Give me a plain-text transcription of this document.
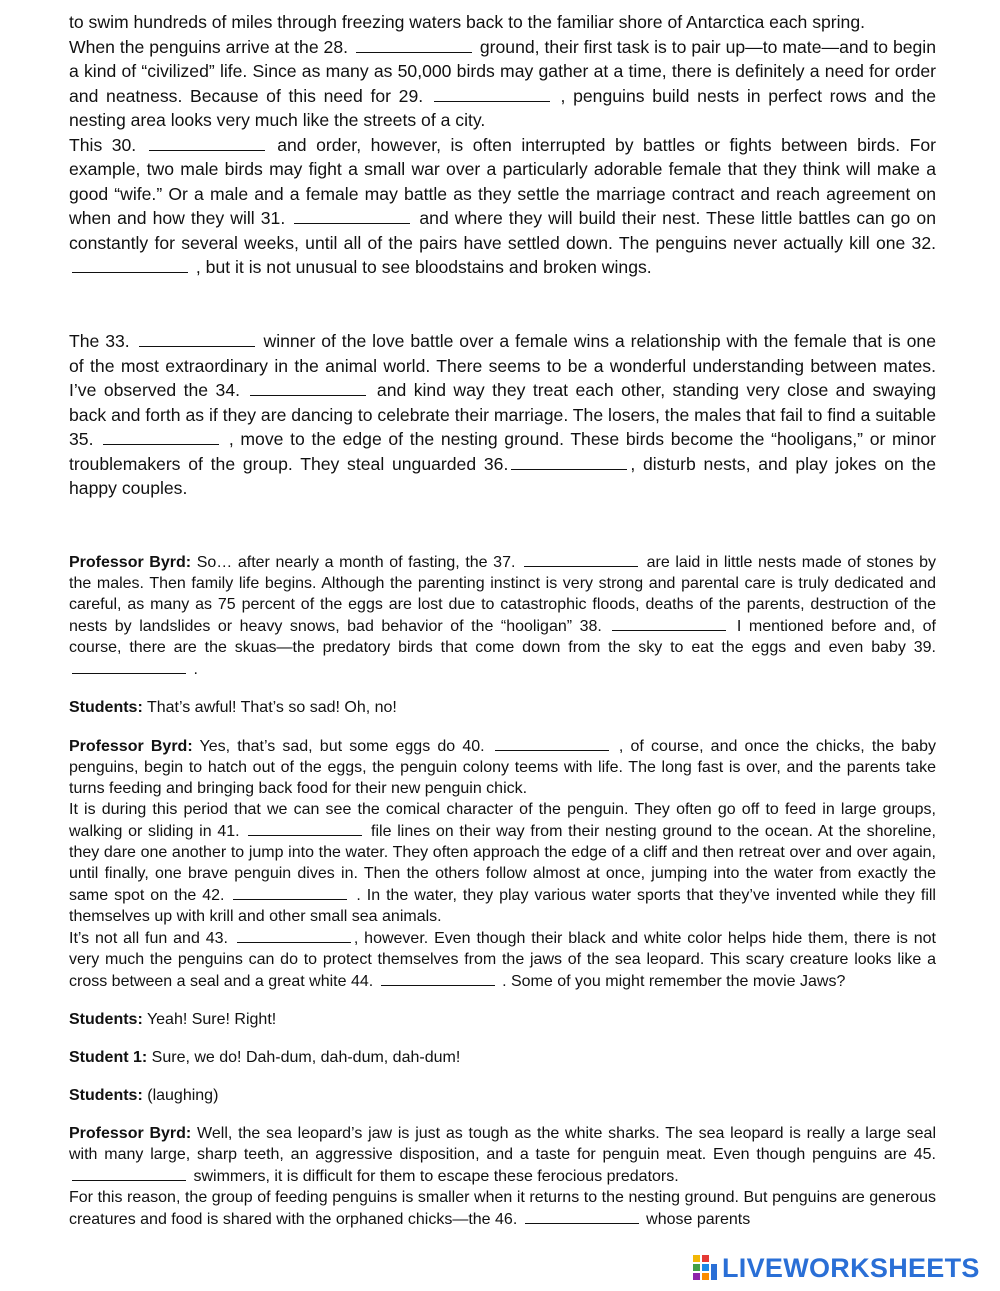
to swim hundreds of miles through freezing waters back to the familiar shore of Antarctica each spring.

When the penguins arrive at the 28.	ground, their first task is to pair up—to mate—and to begin a kind of “civilized” life. Since as many as 50,000 birds may gather at a time, there is definitely a need for order and neatness. Because of this need for 29.	, penguins build nests in perfect rows and the nesting area looks very much like the streets of a city.

This 30.	and order, however, is often interrupted by battles or fights between birds. For example, two male birds may fight a small war over a particularly adorable female that they think will make a good “wife.” Or a male and a female may battle as they settle the marriage contract and reach agreement on when and how they will 31.	and where they will build their nest. These little battles can go on constantly for several weeks, until all of the pairs have settled down. The penguins never actually kill one 32.  , but it is not unusual to see bloodstains and broken wings.

The 33.	winner of the love battle over a female wins a relationship with the female that is one of the most extraordinary in the animal world. There seems to be a wonderful understanding between mates. I’ve observed the 34.	and kind way they treat each other, standing very close and swaying back and forth as if they are dancing to celebrate their marriage. The losers, the males that fail to find a suitable 35.	, move to the edge of the nesting ground. These birds become the “hooligans,” or minor troublemakers of the group. They steal unguarded 36.	, disturb nests, and play jokes on the happy couples.

Professor Byrd: So… after nearly a month of fasting, the 37.	are laid in little nests made of stones by the males. Then family life begins. Although the parenting instinct is very strong and parental care is truly dedicated and careful, as many as 75 percent of the eggs are lost due to catastrophic floods, deaths of the parents, destruction of the nests by landslides or heavy snows, bad behavior of the “hooligan” 38.	I mentioned before and, of course, there are the skuas—the predatory birds that come down from the sky to eat the eggs and even baby 39.  .

Students: That’s awful! That’s so sad! Oh, no!

Professor Byrd: Yes, that’s sad, but some eggs do 40.	, of course, and once the chicks, the baby penguins, begin to hatch out of the eggs, the penguin colony teems with life. The long fast is over, and the parents take turns feeding and bringing back food for their new penguin chick.

It is during this period that we can see the comical character of the penguin. They often go off to feed in large groups, walking or sliding in 41.	file lines on their way from their nesting ground to the ocean. At the shoreline, they dare one another to jump into the water. They often approach the edge of a cliff and then retreat over and over again, until finally, one brave penguin dives in. Then the others follow almost at once, jumping into the water from exactly the same spot on the 42.	. In the water, they play various water sports that they’ve invented while they fill themselves up with krill and other small sea animals.

It’s not all fun and 43.	, however. Even though their black and white color helps hide them, there is not very much the penguins can do to protect themselves from the jaws of the sea leopard. This scary creature looks like a cross between a seal and a great white 44.	. Some of you might remember the movie Jaws?

Students: Yeah! Sure! Right!

Student 1: Sure, we do! Dah-dum, dah-dum, dah-dum!

Students: (laughing)

Professor Byrd: Well, the sea leopard’s jaw is just as tough as the white sharks. The sea leopard is really a large seal with many large, sharp teeth, an aggressive disposition, and a taste for penguin meat. Even though penguins are 45.  swimmers, it is difficult for them to escape these ferocious predators.

For this reason, the group of feeding penguins is smaller when it returns to the nesting ground. But penguins are generous creatures and food is shared with the orphaned chicks—the 46.	whose parents

LIVEWORKSHEETS
